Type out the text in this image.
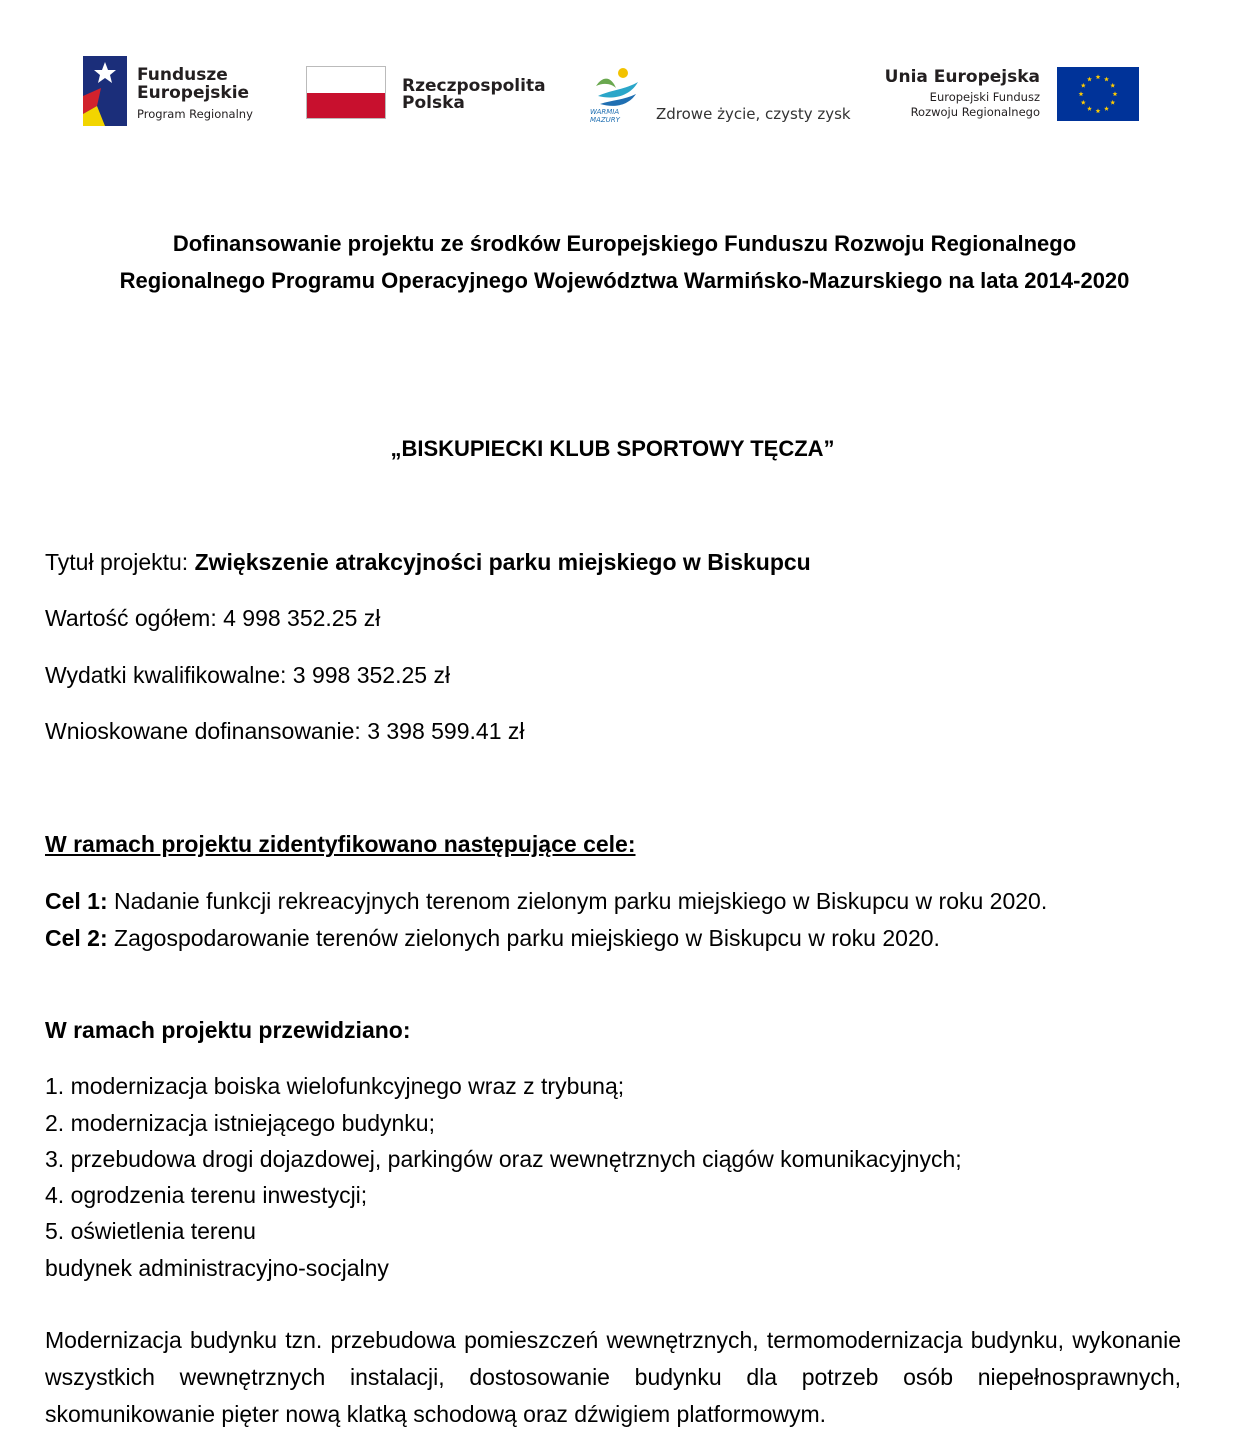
Fundusze
Europejskie
Program Regionalny
Rzeczpospolita
Polska	WARMIA MAZURY	Zdrowe życie, czysty zysk
Unia Europejska
Europejski Fundusz
Rozwoju Regionalnego
Dofinansowanie projektu ze środków Europejskiego Funduszu Rozwoju Regionalnego
Regionalnego Programu Operacyjnego Województwa Warmińsko-Mazurskiego na lata 2014-2020
„BISKUPIECKI KLUB SPORTOWY TĘCZA”
Tytuł projektu: Zwiększenie atrakcyjności parku miejskiego w Biskupcu
Wartość ogółem: 4 998 352.25 zł
Wydatki kwalifikowalne: 3 998 352.25 zł
Wnioskowane dofinansowanie: 3 398 599.41 zł
W ramach projektu zidentyfikowano następujące cele:
Cel 1: Nadanie funkcji rekreacyjnych terenom zielonym parku miejskiego w Biskupcu w roku 2020.
Cel 2: Zagospodarowanie terenów zielonych parku miejskiego w Biskupcu w roku 2020.
W ramach projektu przewidziano:
1. modernizacja boiska wielofunkcyjnego wraz z trybuną;
2. modernizacja istniejącego budynku;
3. przebudowa drogi dojazdowej, parkingów oraz wewnętrznych ciągów komunikacyjnych;
4. ogrodzenia terenu inwestycji;
5. oświetlenia terenu
budynek administracyjno-socjalny
Modernizacja budynku tzn. przebudowa pomieszczeń wewnętrznych, termomodernizacja budynku, wykonanie wszystkich wewnętrznych instalacji, dostosowanie budynku dla potrzeb osób niepełnosprawnych, skomunikowanie pięter nową klatką schodową oraz dźwigiem platformowym.
